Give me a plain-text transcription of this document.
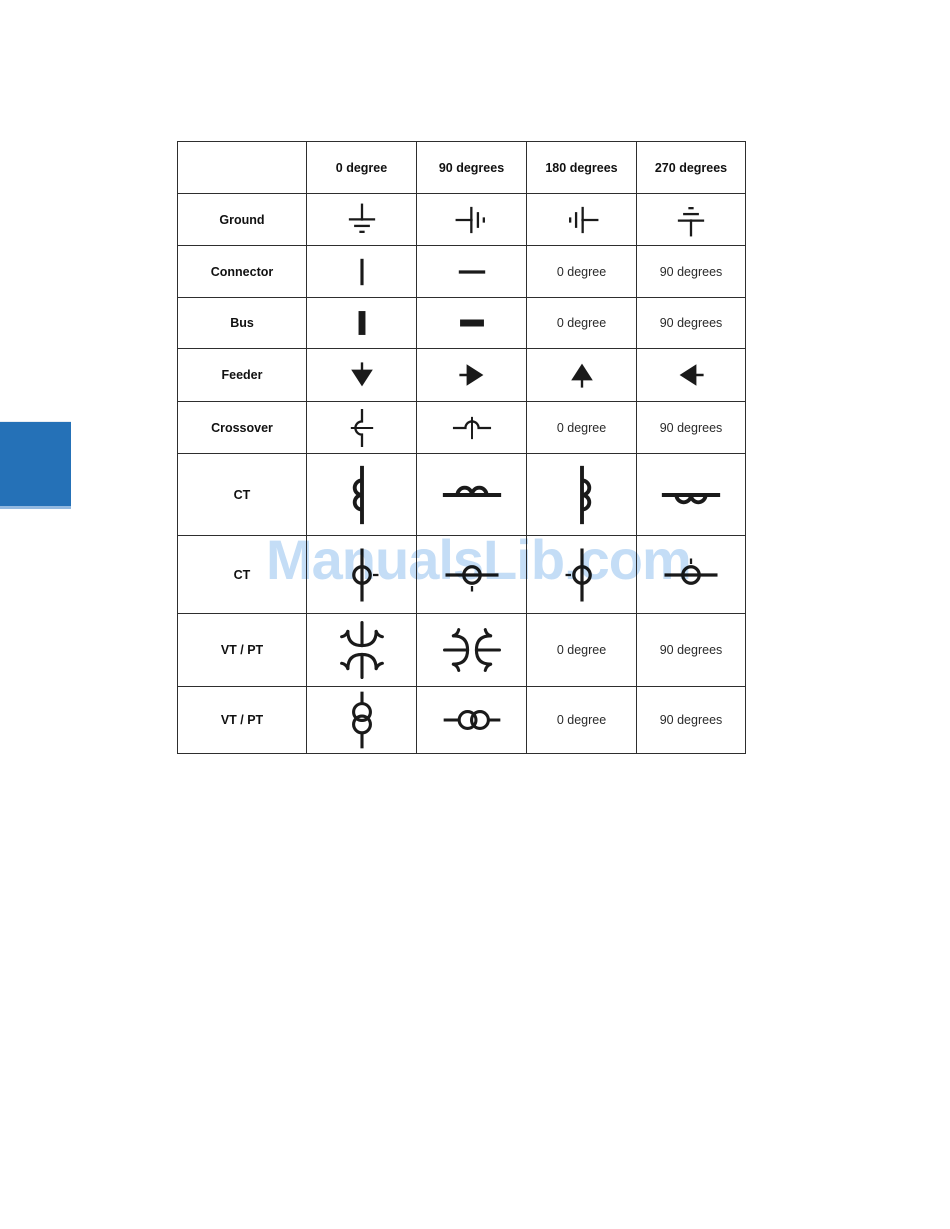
	0 degree	90 degrees	180 degrees	270 degrees
Ground	

Connector			0 degree	90 degrees
Bus			0 degree	90 degrees
Feeder	

Crossover			0 degree	90 degrees
CT	

CT	

VT / PT			0 degree	90 degrees
VT / PT			0 degree	90 degrees
ManualsLib.com
